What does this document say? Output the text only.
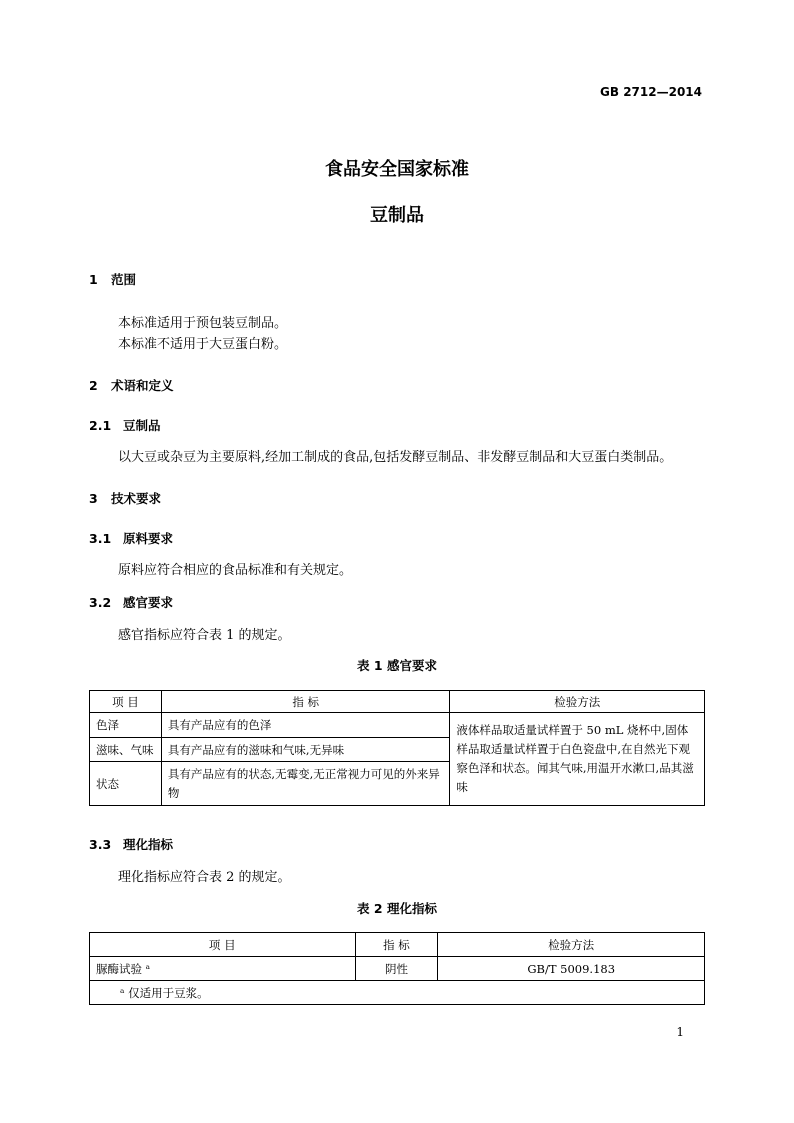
GB 2712—2014
食品安全国家标准
豆制品
1 范围
本标准适用于预包装豆制品。
本标准不适用于大豆蛋白粉。
2 术语和定义
2.1 豆制品
以大豆或杂豆为主要原料,经加工制成的食品,包括发酵豆制品、非发酵豆制品和大豆蛋白类制品。
3 技术要求
3.1 原料要求
原料应符合相应的食品标准和有关规定。
3.2 感官要求
感官指标应符合表 1 的规定。
表 1 感官要求
项 目	指 标	检验方法
色泽	具有产品应有的色泽	液体样品取适量试样置于 50 mL 烧杯中,固体样品取适量试样置于白色瓷盘中,在自然光下观察色泽和状态。闻其气味,用温开水漱口,品其滋味
滋味、气味	具有产品应有的滋味和气味,无异味	
状态	具有产品应有的状态,无霉变,无正常视力可见的外来异物	
3.3 理化指标
理化指标应符合表 2 的规定。
表 2 理化指标
项 目	指 标	检验方法
脲酶试验 ᵃ	阴性	GB/T 5009.183
ᵃ 仅适用于豆浆。		
1
